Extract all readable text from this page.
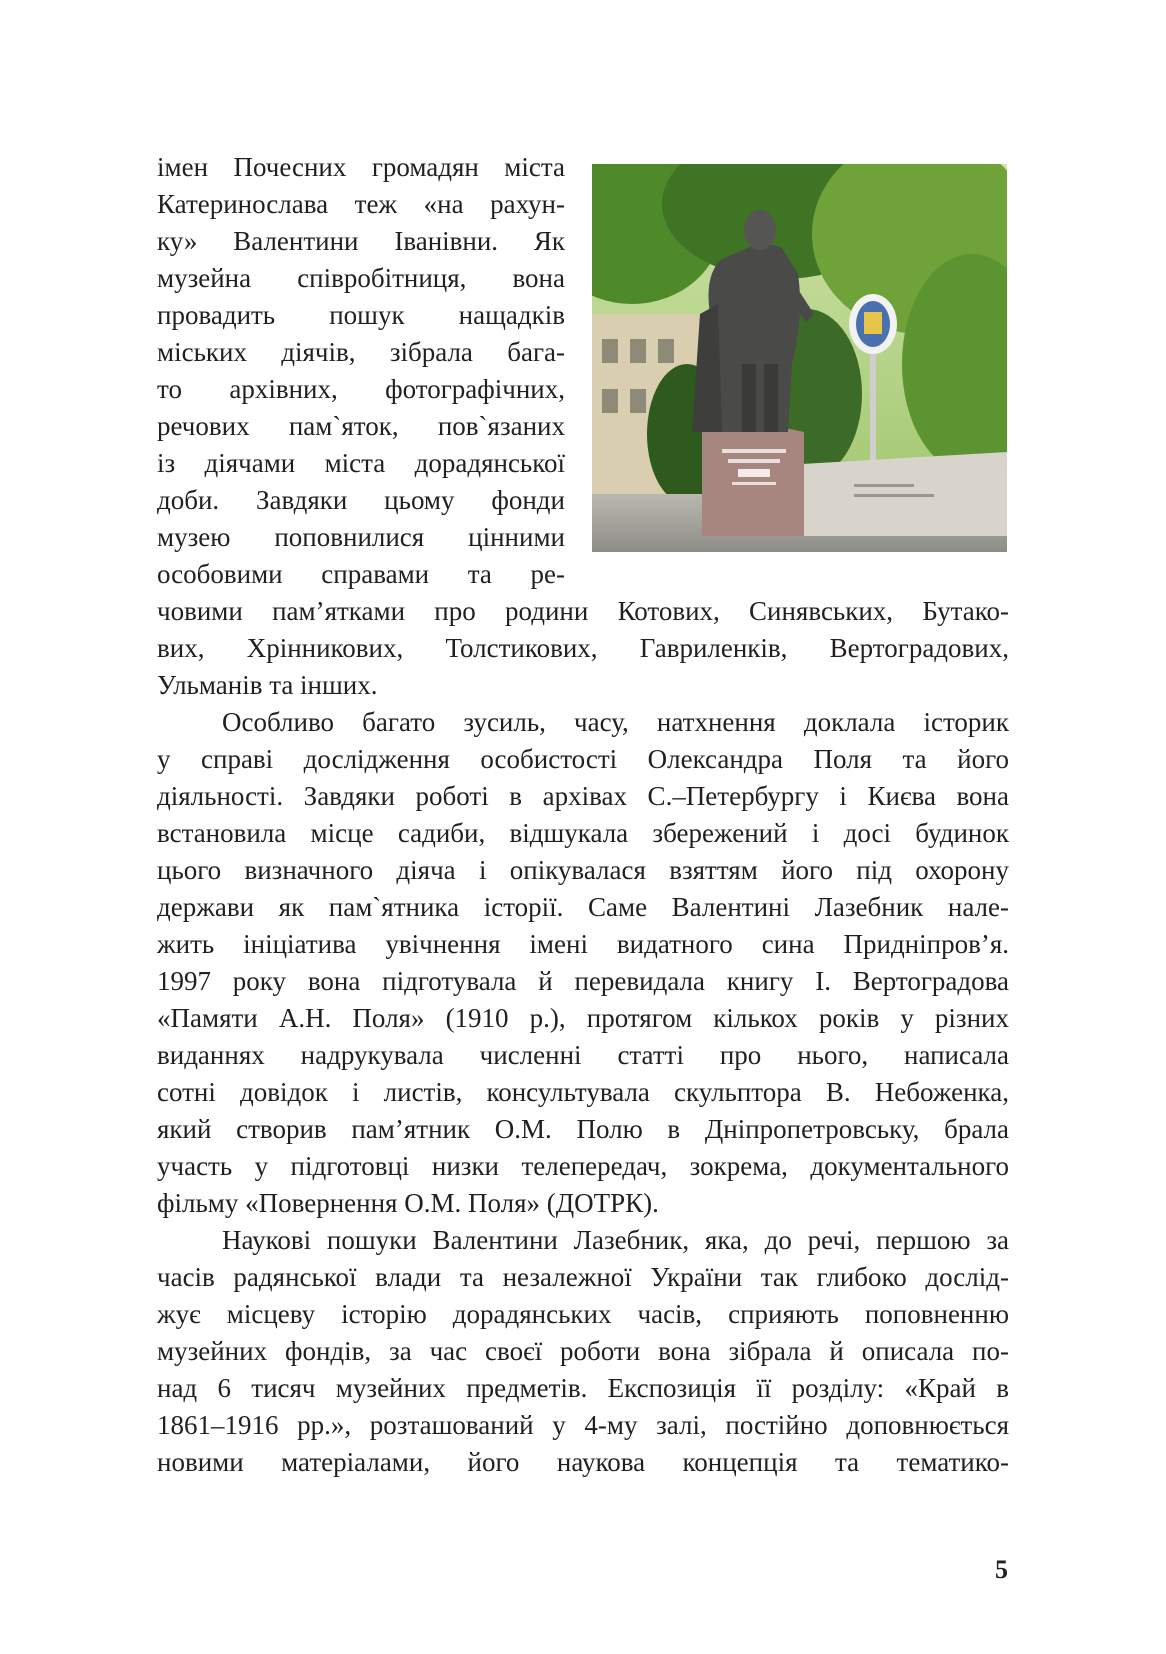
імен Почесних громадян міста
Катеринослава теж «на рахун-
ку» Валентини Іванівни. Як
музейна співробітниця, вона
провадить пошук нащадків
міських діячів, зібрала бага-
то архівних, фотографічних,
речових пам`яток, пов`язаних
із діячами міста дорадянської
доби. Завдяки цьому фонди
музею поповнилися цінними
особовими справами та ре-
човими пам’ятками про родини Котових, Синявських, Бутако-
вих, Хрінникових, Толстикових, Гавриленків, Вертоградових,
Ульманів та інших.
Особливо багато зусиль, часу, натхнення доклала історик
у справі дослідження особистості Олександра Поля та його
діяльності. Завдяки роботі в архівах С.–Петербургу і Києва вона
встановила місце садиби, відшукала збережений і досі будинок
цього визначного діяча і опікувалася взяттям його під охорону
держави як пам`ятника історії. Саме Валентині Лазебник нале-
жить ініціатива увічнення імені видатного сина Придніпров’я.
1997 року вона підготувала й перевидала книгу І. Вертоградова
«Памяти А.Н. Поля» (1910 р.), протягом кількох років у різних
виданнях надрукувала численні статті про нього, написала
сотні довідок і листів, консультувала скульптора В. Небоженка,
який створив пам’ятник О.М. Полю в Дніпропетровську, брала
участь у підготовці низки телепередач, зокрема, документального
фільму «Повернення О.М. Поля» (ДОТРК).
Наукові пошуки Валентини Лазебник, яка, до речі, першою за
часів радянської влади та незалежної України так глибоко дослід-
жує місцеву історію дорадянських часів, сприяють поповненню
музейних фондів, за час своєї роботи вона зібрала й описала по-
над 6 тисяч музейних предметів. Експозиція її розділу: «Край в
1861–1916 рр.», розташований у 4-му залі, постійно доповнюється
новими матеріалами, його наукова концепція та тематико-
5
